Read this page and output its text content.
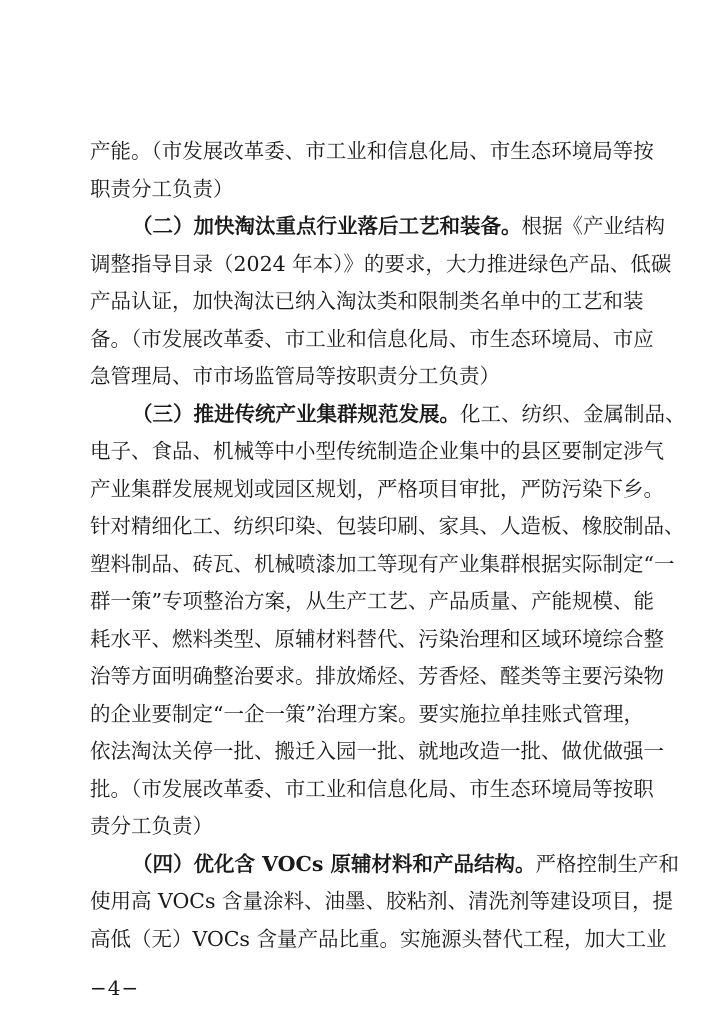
产能。（市发展改革委、市工业和信息化局、市生态环境局等按
职责分工负责）
（二）加快淘汰重点行业落后工艺和装备。根据《产业结构
调整指导目录（2024 年本）》的要求，大力推进绿色产品、低碳
产品认证，加快淘汰已纳入淘汰类和限制类名单中的工艺和装
备。（市发展改革委、市工业和信息化局、市生态环境局、市应
急管理局、市市场监管局等按职责分工负责）
（三）推进传统产业集群规范发展。化工、纺织、金属制品、
电子、食品、机械等中小型传统制造企业集中的县区要制定涉气
产业集群发展规划或园区规划，严格项目审批，严防污染下乡。
针对精细化工、纺织印染、包装印刷、家具、人造板、橡胶制品、
塑料制品、砖瓦、机械喷漆加工等现有产业集群根据实际制定“一
群一策”专项整治方案，从生产工艺、产品质量、产能规模、能
耗水平、燃料类型、原辅材料替代、污染治理和区域环境综合整
治等方面明确整治要求。排放烯烃、芳香烃、醛类等主要污染物
的企业要制定“一企一策”治理方案。要实施拉单挂账式管理，
依法淘汰关停一批、搬迁入园一批、就地改造一批、做优做强一
批。（市发展改革委、市工业和信息化局、市生态环境局等按职
责分工负责）
（四）优化含 VOCs 原辅材料和产品结构。严格控制生产和
使用高 VOCs 含量涂料、油墨、胶粘剂、清洗剂等建设项目，提
−4−
高低（无）VOCs 含量产品比重。实施源头替代工程，加大工业
